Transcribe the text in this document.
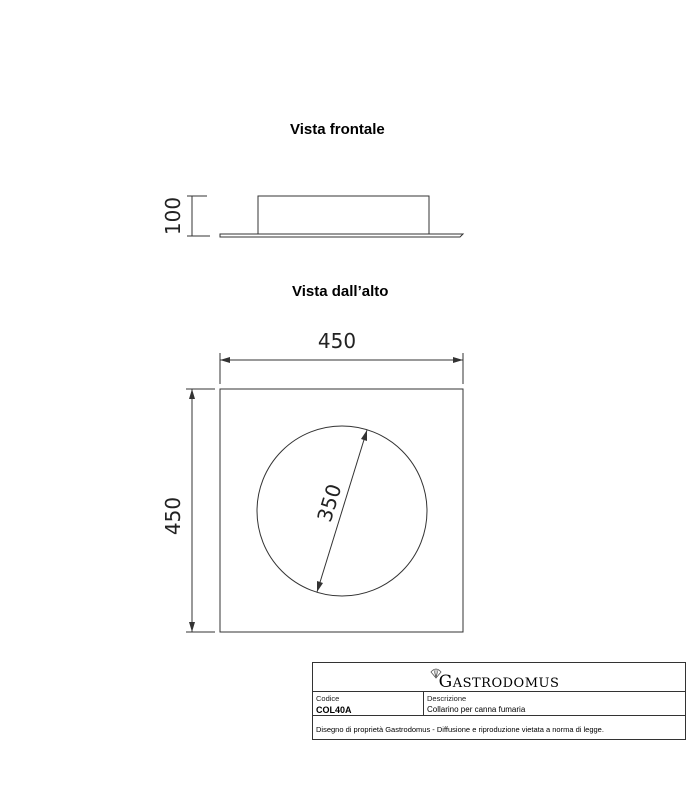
Vista frontale
Vista dall’alto
100
450
450	350
GASTRODOMUS
Codice
COL40A
Descrizione
Collarino per canna fumaria
Disegno di proprietà Gastrodomus - Diffusione e riproduzione vietata a norma di legge.
